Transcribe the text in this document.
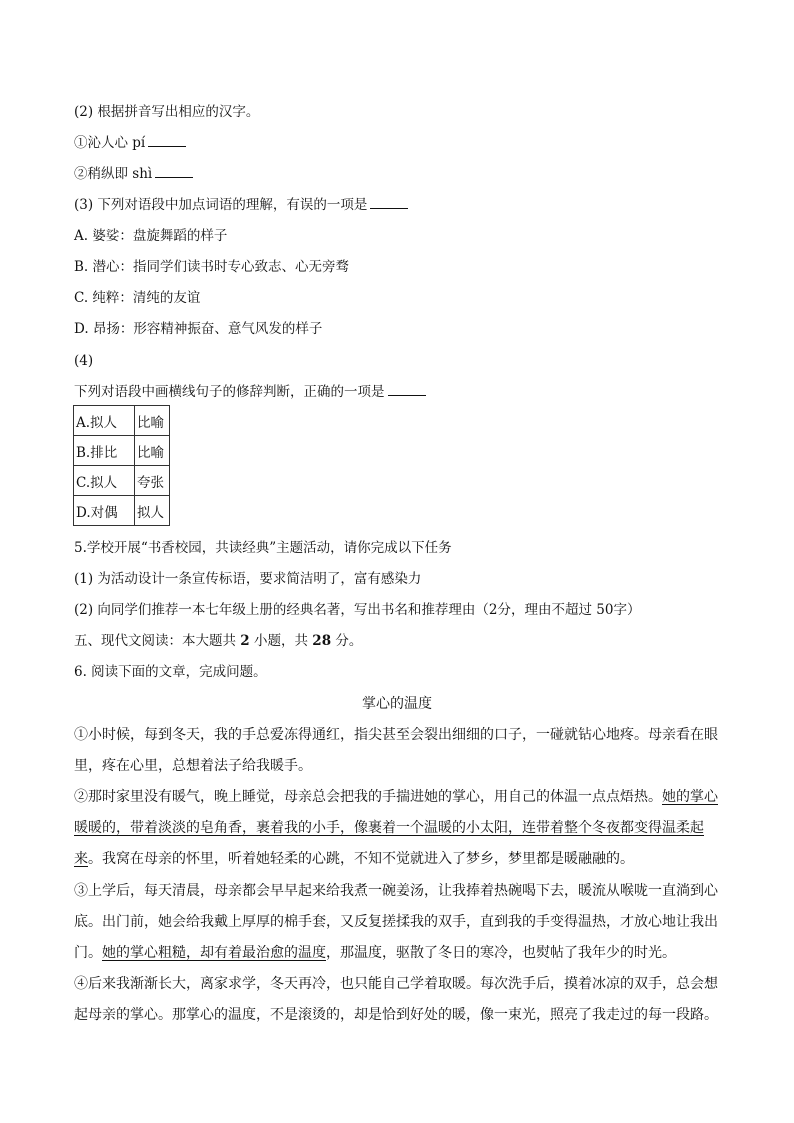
(2) 根据拼音写出相应的汉字。
①沁人心 pí
②稍纵即 shì
(3) 下列对语段中加点词语的理解，有误的一项是
A. 婆娑：盘旋舞蹈的样子
B. 潜心：指同学们读书时专心致志、心无旁骛
C. 纯粹：清纯的友谊
D. 昂扬：形容精神振奋、意气风发的样子
(4)
下列对语段中画横线句子的修辞判断，正确的一项是
A.拟人	比喻
B.排比	比喻
C.拟人	夸张
D.对偶	拟人
5.学校开展“书香校园，共读经典”主题活动，请你完成以下任务
(1) 为活动设计一条宣传标语，要求简洁明了，富有感染力
(2) 向同学们推荐一本七年级上册的经典名著，写出书名和推荐理由（2分，理由不超过 50字）
五、现代文阅读：本大题共 2 小题，共 28 分。
6. 阅读下面的文章，完成问题。
掌心的温度
①小时候，每到冬天，我的手总爱冻得通红，指尖甚至会裂出细细的口子，一碰就钻心地疼。母亲看在眼里，疼在心里，总想着法子给我暖手。
②那时家里没有暖气，晚上睡觉，母亲总会把我的手揣进她的掌心，用自己的体温一点点焐热。她的掌心暖暖的，带着淡淡的皂角香，裹着我的小手，像裹着一个温暖的小太阳，连带着整个冬夜都变得温柔起来。我窝在母亲的怀里，听着她轻柔的心跳，不知不觉就进入了梦乡，梦里都是暖融融的。
③上学后，每天清晨，母亲都会早早起来给我煮一碗姜汤，让我捧着热碗喝下去，暖流从喉咙一直淌到心底。出门前，她会给我戴上厚厚的棉手套，又反复搓揉我的双手，直到我的手变得温热，才放心地让我出门。她的掌心粗糙，却有着最治愈的温度，那温度，驱散了冬日的寒冷，也熨帖了我年少的时光。
④后来我渐渐长大，离家求学，冬天再冷，也只能自己学着取暖。每次洗手后，摸着冰凉的双手，总会想起母亲的掌心。那掌心的温度，不是滚烫的，却是恰到好处的暖，像一束光，照亮了我走过的每一段路。
